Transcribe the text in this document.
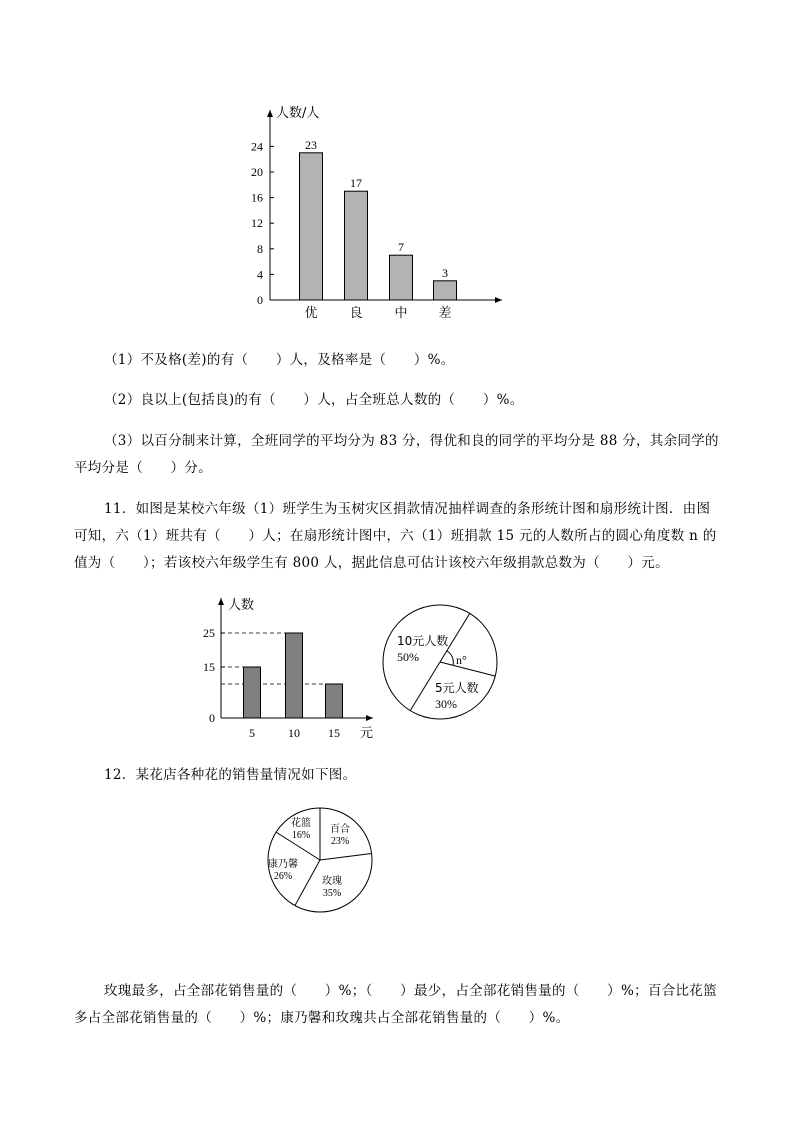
人数/人
0
4
8
12
16
20
24	23
优
17
良
7
中
3
差
（1）不及格(差)的有（　　）人，及格率是（　　）%。
（2）良以上(包括良)的有（　　）人，占全班总人数的（　　）%。
（3）以百分制来计算，全班同学的平均分为 83 分，得优和良的同学的平均分是 88 分，其余同学的
平均分是（　　）分。
11．如图是某校六年级（1）班学生为玉树灾区捐款情况抽样调查的条形统计图和扇形统计图．由图
可知，六（1）班共有（　　）人；在扇形统计图中，六（1）班捐款 15 元的人数所占的圆心角度数 n 的
值为（　　）；若该校六年级学生有 800 人，据此信息可估计该校六年级捐款总数为（　　）元。
人数
元
0
15
25
5	10 15
n°
10元人数
50%
5元人数
30%
12．某花店各种花的销售量情况如下图。
花篮
16%
百合
23%
玫瑰
35%
康乃馨
26%
玫瑰最多，占全部花销售量的（　　）%；（　　）最少，占全部花销售量的（　　）%；百合比花篮
多占全部花销售量的（　　）%；康乃馨和玫瑰共占全部花销售量的（　　）%。
